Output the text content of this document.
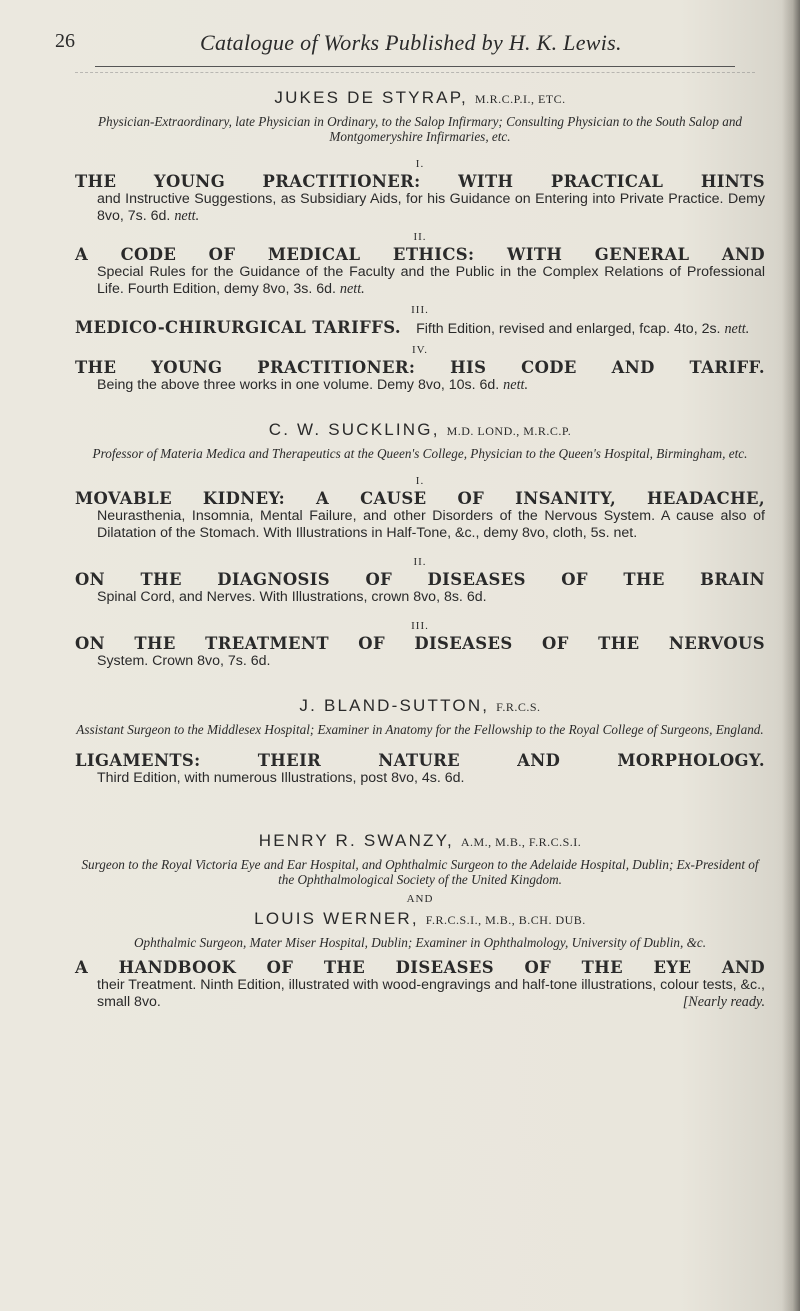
26	Catalogue of Works Published by H. K. Lewis.

JUKES DE STYRAP, M.R.C.P.I., ETC.

Physician-Extraordinary, late Physician in Ordinary, to the Salop Infirmary; Consulting Physician to the South Salop and Montgomeryshire Infirmaries, etc.

I.

THE YOUNG PRACTITIONER: WITH PRACTICAL HINTS

and Instructive Suggestions, as Subsidiary Aids, for his Guidance on Entering into Private Practice. Demy 8vo, 7s. 6d. nett.

II.

A CODE OF MEDICAL ETHICS: WITH GENERAL AND

Special Rules for the Guidance of the Faculty and the Public in the Complex Relations of Professional Life. Fourth Edition, demy 8vo, 3s. 6d. nett.

III.

MEDICO-CHIRURGICAL TARIFFS. Fifth Edition, revised and enlarged, fcap. 4to, 2s. nett.
IV.

THE YOUNG PRACTITIONER: HIS CODE AND TARIFF.

Being the above three works in one volume. Demy 8vo, 10s. 6d. nett.

C. W. SUCKLING, M.D. LOND., M.R.C.P.

Professor of Materia Medica and Therapeutics at the Queen's College, Physician to the Queen's Hospital, Birmingham, etc.

I.

MOVABLE KIDNEY: A CAUSE OF INSANITY, HEADACHE,

Neurasthenia, Insomnia, Mental Failure, and other Disorders of the Nervous System. A cause also of Dilatation of the Stomach. With Illustrations in Half-Tone, &c., demy 8vo, cloth, 5s. net.

II.

ON THE DIAGNOSIS OF DISEASES OF THE BRAIN

Spinal Cord, and Nerves. With Illustrations, crown 8vo, 8s. 6d.

III.

ON THE TREATMENT OF DISEASES OF THE NERVOUS

System. Crown 8vo, 7s. 6d.

J. BLAND-SUTTON, F.R.C.S.

Assistant Surgeon to the Middlesex Hospital; Examiner in Anatomy for the Fellowship to the Royal College of Surgeons, England.

LIGAMENTS: THEIR NATURE AND MORPHOLOGY.

Third Edition, with numerous Illustrations, post 8vo, 4s. 6d.

HENRY R. SWANZY, A.M., M.B., F.R.C.S.I.

Surgeon to the Royal Victoria Eye and Ear Hospital, and Ophthalmic Surgeon to the Adelaide Hospital, Dublin; Ex-President of the Ophthalmological Society of the United Kingdom.

AND

LOUIS WERNER, F.R.C.S.I., M.B., B.CH. DUB.

Ophthalmic Surgeon, Mater Miser Hospital, Dublin; Examiner in Ophthalmology, University of Dublin, &c.

A HANDBOOK OF THE DISEASES OF THE EYE AND

their Treatment. Ninth Edition, illustrated with wood-engravings and half-tone illustrations, colour tests, &c., small 8vo.	[Nearly ready.
